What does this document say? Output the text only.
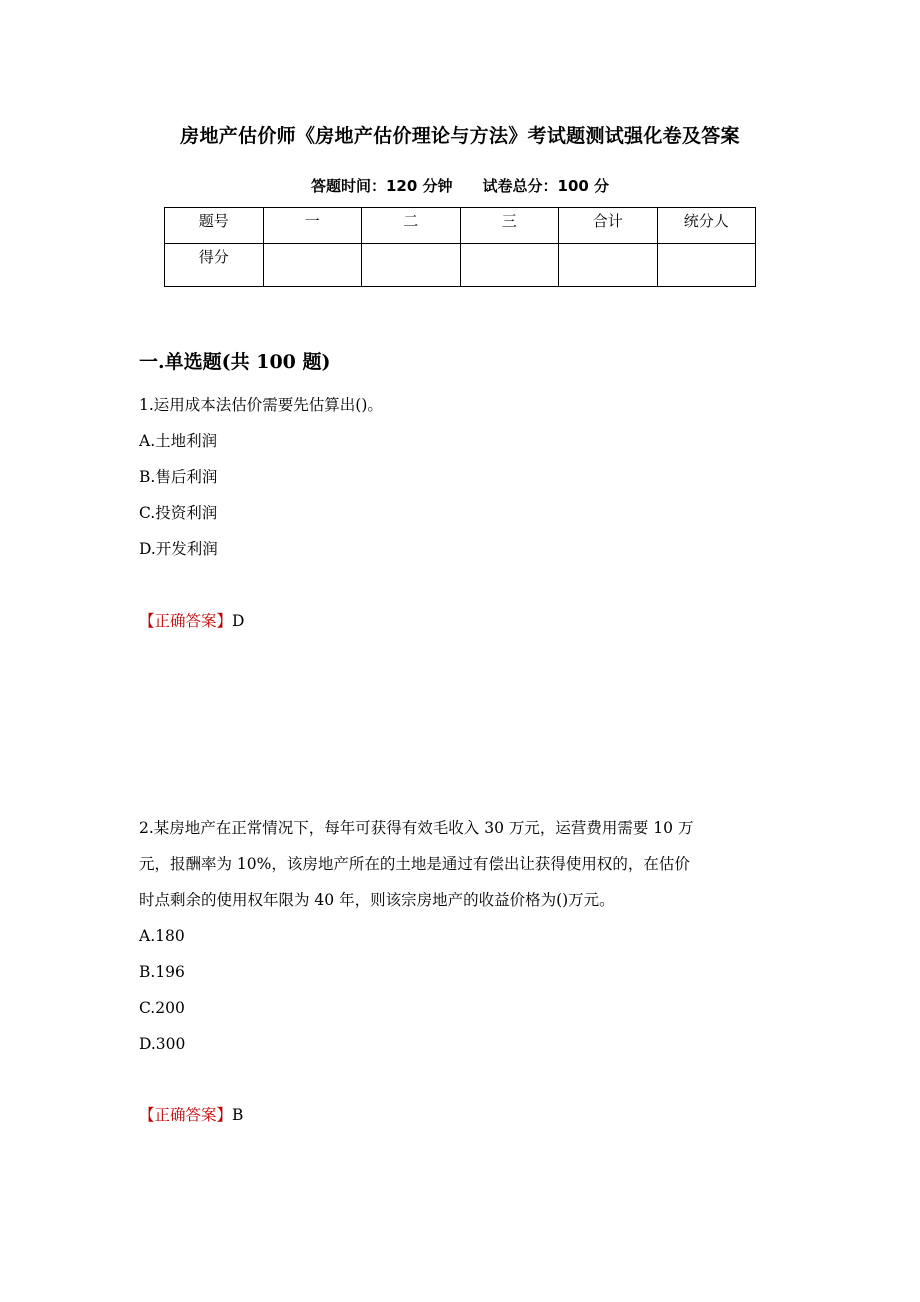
房地产估价师《房地产估价理论与方法》考试题测试强化卷及答案
答题时间：120 分钟 试卷总分：100 分
题号	一	二	三	合计	统分人
得分					
一.单选题(共 100 题)
1.运用成本法估价需要先估算出()。
A.土地利润
B.售后利润
C.投资利润
D.开发利润
【正确答案】D
2.某房地产在正常情况下，每年可获得有效毛收入 30 万元，运营费用需要 10 万
元，报酬率为 10%，该房地产所在的土地是通过有偿出让获得使用权的，在估价
时点剩余的使用权年限为 40 年，则该宗房地产的收益价格为()万元。
A.180
B.196
C.200
D.300
【正确答案】B
